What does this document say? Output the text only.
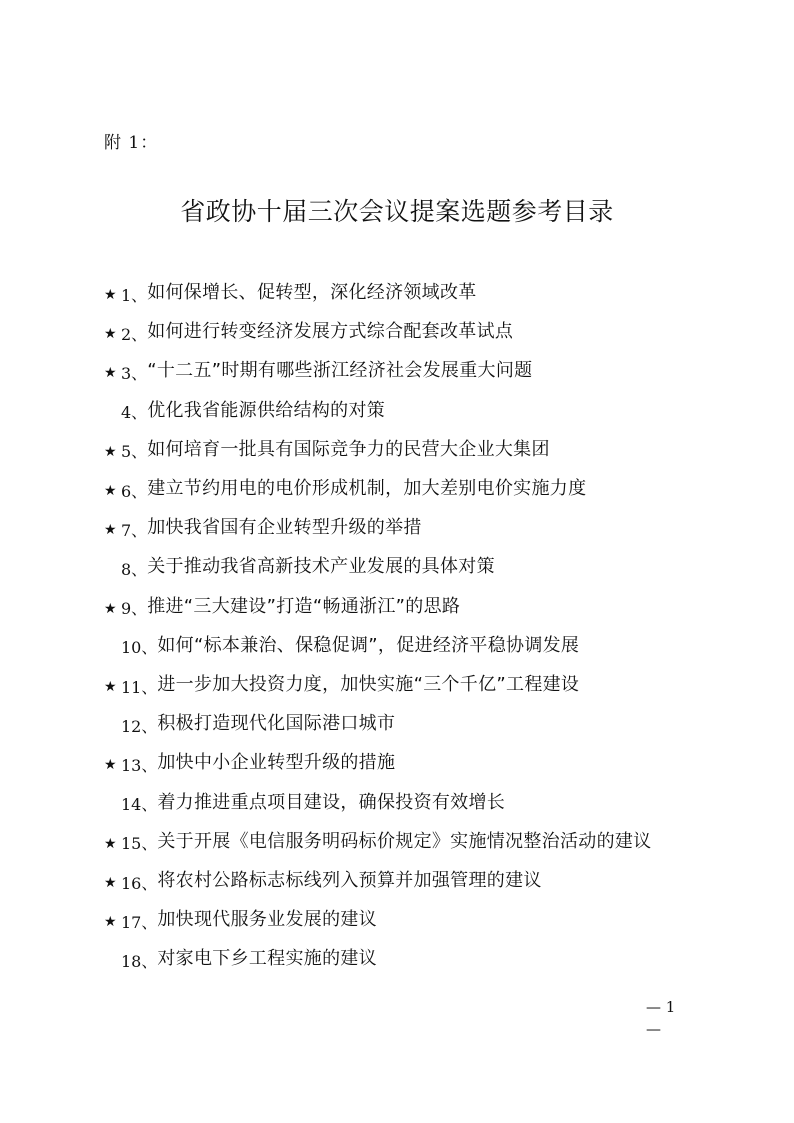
附 1：
省政协十届三次会议提案选题参考目录
★ 1、 如何保增长、促转型，深化经济领域改革
★ 2、 如何进行转变经济发展方式综合配套改革试点
★ 3、 “十二五”时期有哪些浙江经济社会发展重大问题
4、 优化我省能源供给结构的对策
★ 5、 如何培育一批具有国际竞争力的民营大企业大集团
★ 6、 建立节约用电的电价形成机制，加大差别电价实施力度
★ 7、 加快我省国有企业转型升级的举措
8、 关于推动我省高新技术产业发展的具体对策
★ 9、 推进“三大建设”打造“畅通浙江”的思路
10、 如何“标本兼治、保稳促调”，促进经济平稳协调发展
★ 11、 进一步加大投资力度，加快实施“三个千亿”工程建设
12、 积极打造现代化国际港口城市
★ 13、 加快中小企业转型升级的措施
14、 着力推进重点项目建设，确保投资有效增长
★ 15、 关于开展《电信服务明码标价规定》实施情况整治活动的建议
★ 16、 将农村公路标志标线列入预算并加强管理的建议
★ 17、 加快现代服务业发展的建议
18、 对家电下乡工程实施的建议
— 1
—
